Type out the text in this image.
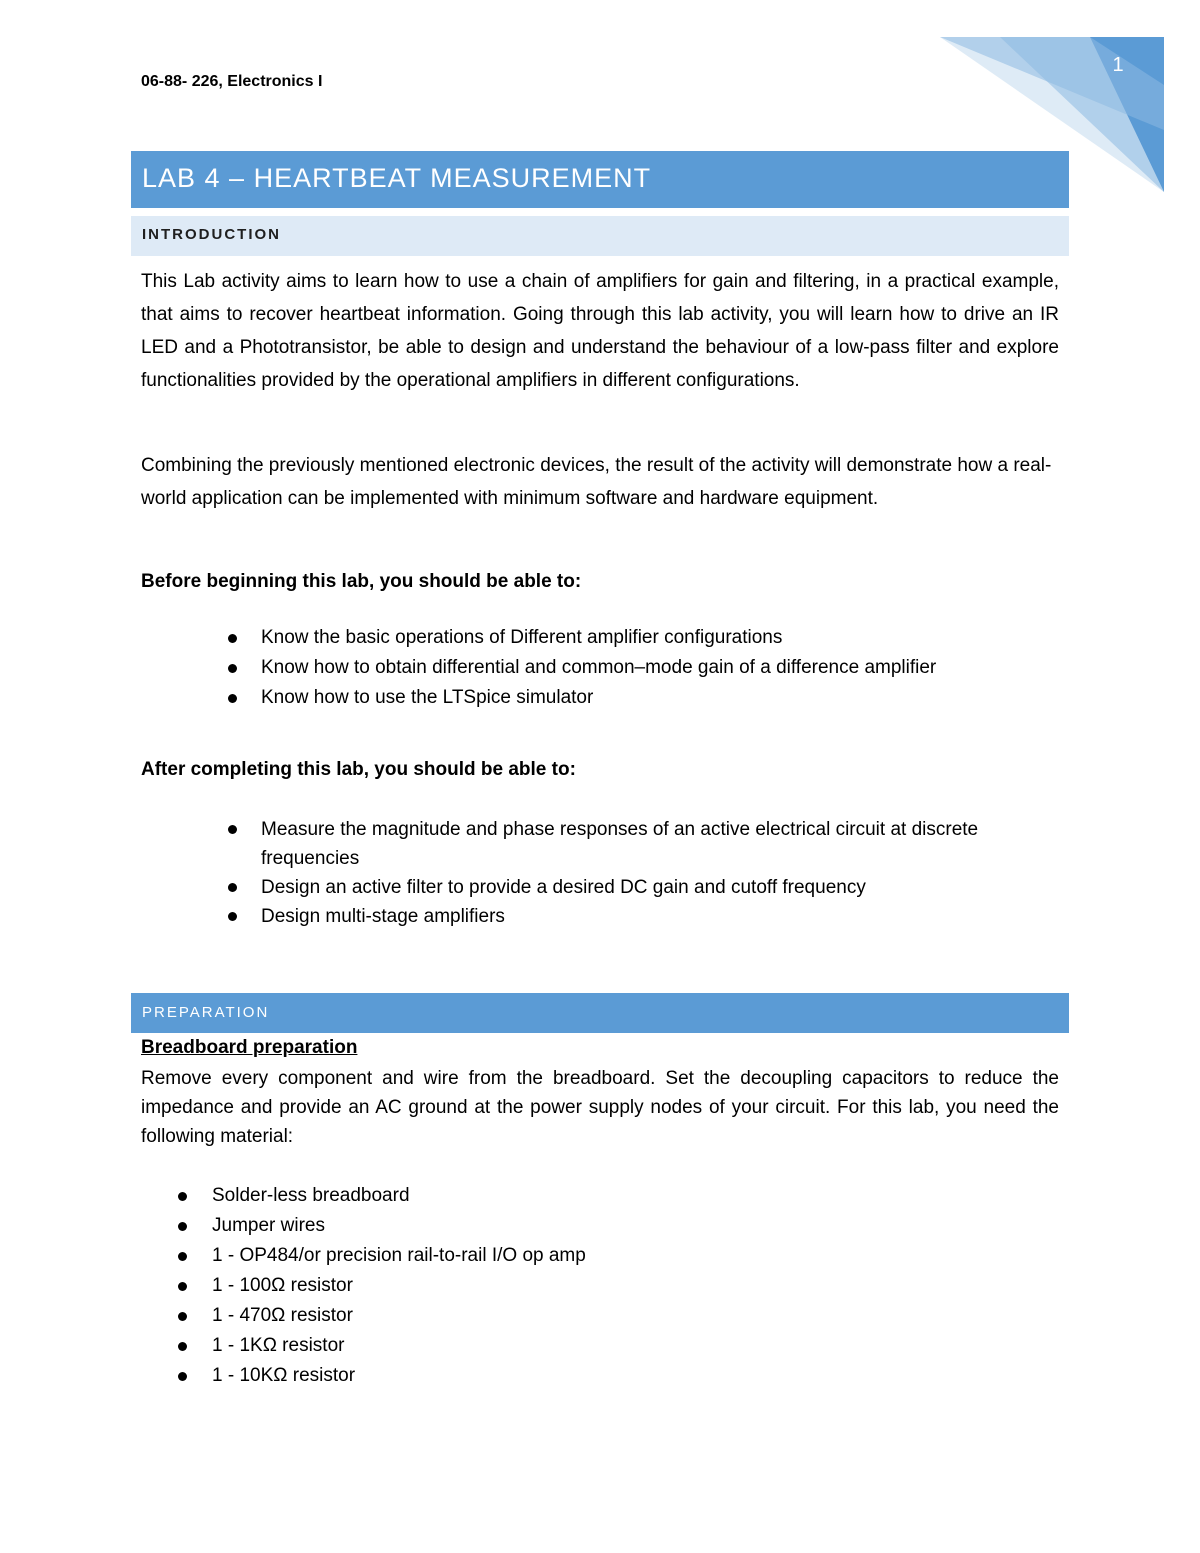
1
06-88- 226, Electronics I
LAB 4 – HEARTBEAT MEASUREMENT
INTRODUCTION

This Lab activity aims to learn how to use a chain of amplifiers for gain and filtering, in a practical example, that aims to recover heartbeat information. Going through this lab activity, you will learn how to drive an IR LED and a Phototransistor, be able to design and understand the behaviour of a low-pass filter and explore functionalities provided by the operational amplifiers in different configurations.

Combining the previously mentioned electronic devices, the result of the activity will demonstrate how a real-world application can be implemented with minimum software and hardware equipment.

Before beginning this lab, you should be able to:

Know the basic operations of Different amplifier configurations
Know how to obtain differential and common–mode gain of a difference amplifier
Know how to use the LTSpice simulator

After completing this lab, you should be able to:

Measure the magnitude and phase responses of an active electrical circuit at discrete frequencies
Design an active filter to provide a desired DC gain and cutoff frequency
Design multi-stage amplifiers
PREPARATION

Breadboard preparation

Remove every component and wire from the breadboard. Set the decoupling capacitors to reduce the impedance and provide an AC ground at the power supply nodes of your circuit. For this lab, you need the following material:

Solder-less breadboard
Jumper wires
1 - OP484/or precision rail-to-rail I/O op amp
1 - 100Ω resistor
1 - 470Ω resistor
1 - 1KΩ resistor
1 - 10KΩ resistor
